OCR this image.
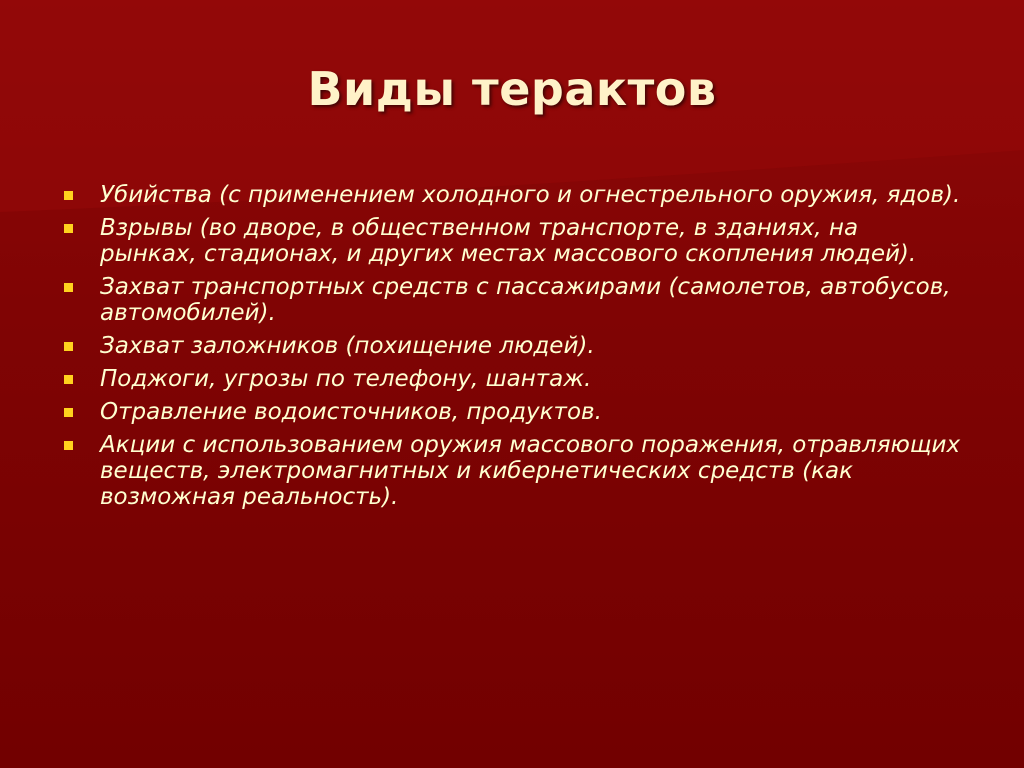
Виды терактов
Убийства (с применением холодного и огнестрельного оружия, ядов).
Взрывы (во дворе, в общественном транспорте, в зданиях, на рынках, стадионах, и других местах массового скопления людей).
Захват транспортных средств с пассажирами (самолетов, автобусов, автомобилей).
Захват заложников (похищение людей).
Поджоги, угрозы по телефону, шантаж.
Отравление водоисточников, продуктов.
Акции с использованием оружия массового поражения, отравляющих веществ, электромагнитных и кибернетических средств (как возможная реальность).
